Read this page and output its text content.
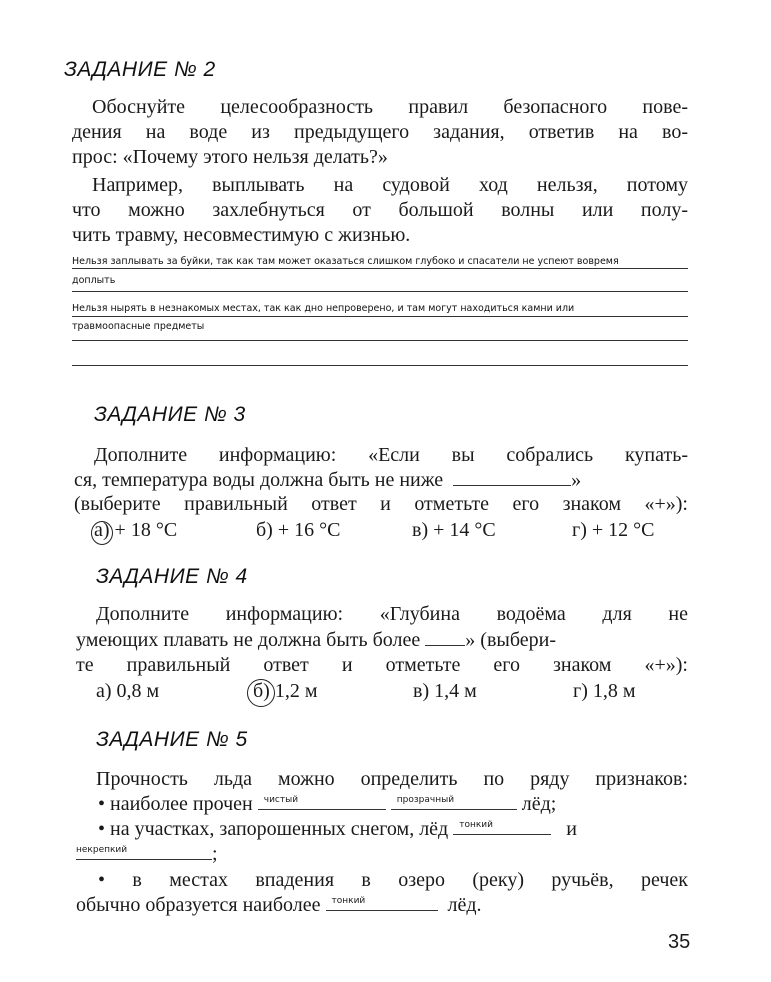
ЗАДАНИЕ № 2
Обоснуйте целесообразность правил безопасного пове-
дения на воде из предыдущего задания, ответив на во-
прос: «Почему этого нельзя делать?»
Например, выплывать на судовой ход нельзя, потому
что можно захлебнуться от большой волны или полу-
чить травму, несовместимую с жизнью.
Нельзя заплывать за буйки, так как там может оказаться слишком глубоко и спасатели не успеют вовремя
доплыть
Нельзя нырять в незнакомых местах, так как дно непроверено, и там могут находиться камни или
травмоопасные предметы
ЗАДАНИЕ № 3
Дополните информацию: «Если вы собрались купать-
ся, температура воды должна быть не ниже	»
(выберите правильный ответ и отметьте его знаком «+»):
а) + 18 °C	б) + 16 °C	в) + 14 °C	г) + 12 °C
ЗАДАНИЕ № 4
Дополните информацию: «Глубина водоёма для не
умеющих плавать не должна быть более » (выбери-
те правильный ответ и отметьте его знаком «+»):
а) 0,8 м	б) 1,2 м	в) 1,4 м	г) 1,8 м
ЗАДАНИЕ № 5
Прочность льда можно определить по ряду признаков:
• наиболее прочен чистый
	прозрачный	лёд;
• на участках, запорошенных снегом, лёд тонкий	и
некрепкий	;
• в местах впадения в озеро (реку) ручьёв, речек
обычно образуется наиболее тонкий	лёд.
35
